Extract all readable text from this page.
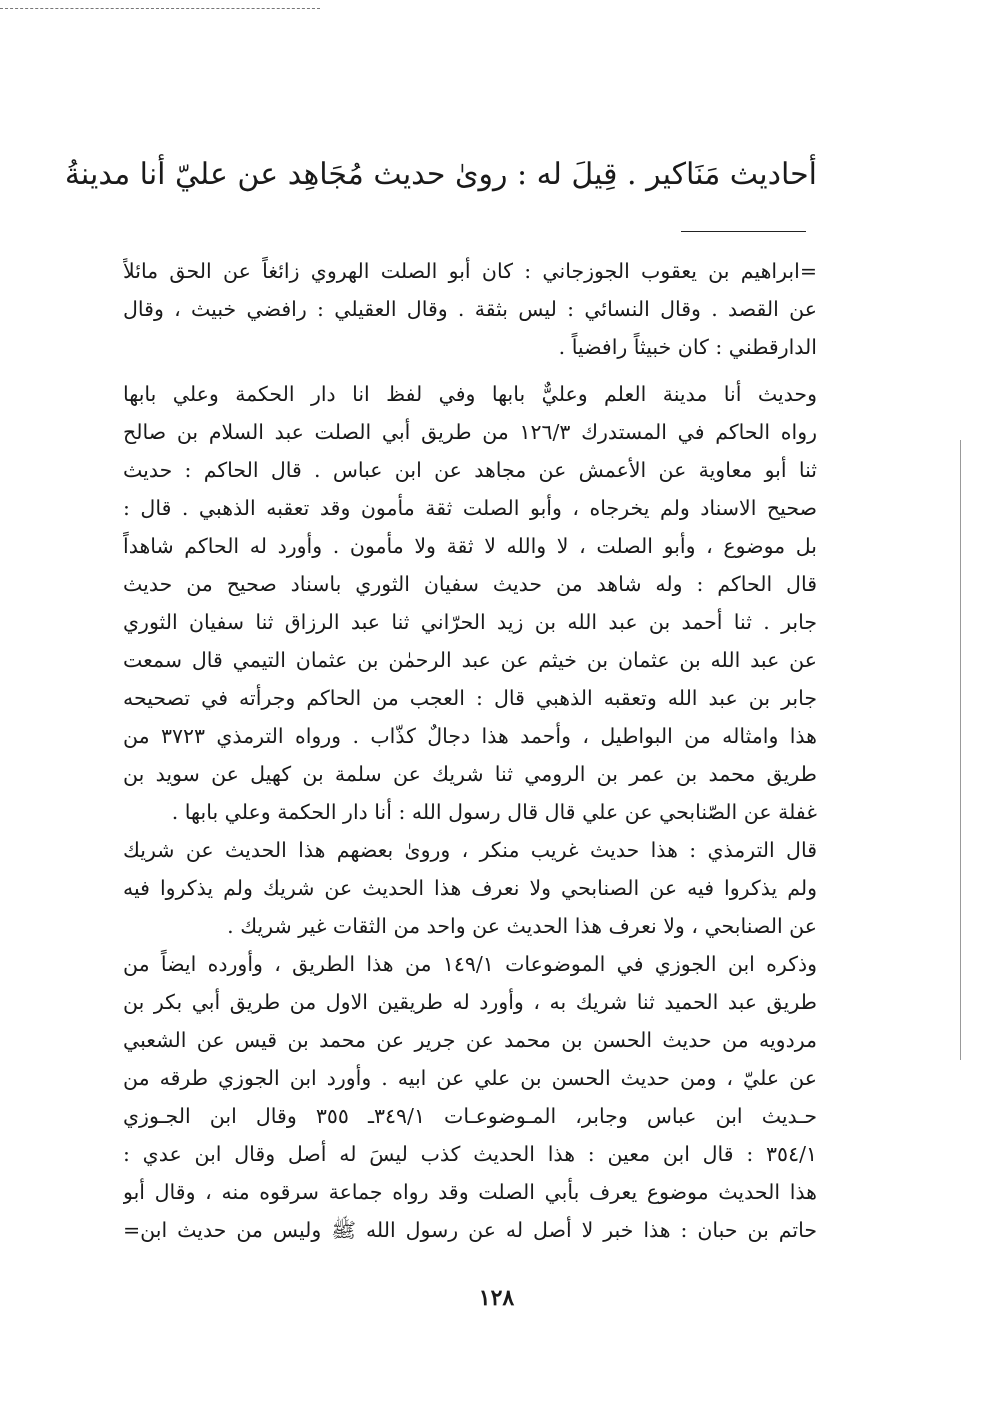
أحاديث مَنَاكير . قِيلَ له : روىٰ حديث مُجَاهِد عن عليّ أنا مدينةُ
=ابراهيم بن يعقوب الجوزجاني : كان أبو الصلت الهروي زائغاً عن الحق مائلاً
عن القصد . وقال النسائي : ليس بثقة . وقال العقيلي : رافضي خبيث ، وقال
الدارقطني : كان خبيثاً رافضياً .
وحديث أنا مدينة العلم وعليٌّ بابها وفي لفظ انا دار الحكمة وعلي بابها
رواه الحاكم في المستدرك ١٢٦/٣ من طريق أبي الصلت عبد السلام بن صالح
ثنا أبو معاوية عن الأعمش عن مجاهد عن ابن عباس . قال الحاكم : حديث
صحيح الاسناد ولم يخرجاه ، وأبو الصلت ثقة مأمون وقد تعقبه الذهبي . قال :
بل موضوع ، وأبو الصلت ، لا والله لا ثقة ولا مأمون . وأورد له الحاكم شاهداً
قال الحاكم : وله شاهد من حديث سفيان الثوري باسناد صحيح من حديث
جابر . ثنا أحمد بن عبد الله بن زيد الحرّاني ثنا عبد الرزاق ثنا سفيان الثوري
عن عبد الله بن عثمان بن خيثم عن عبد الرحمٰن بن عثمان التيمي قال سمعت
جابر بن عبد الله وتعقبه الذهبي قال : العجب من الحاكم وجرأته في تصحيحه
هذا وامثاله من البواطيل ، وأحمد هذا دجالٌ كذّاب . ورواه الترمذي ٣٧٢٣ من
طريق محمد بن عمر بن الرومي ثنا شريك عن سلمة بن كهيل عن سويد بن
غفلة عن الصّنابحي عن علي قال قال رسول الله : أنا دار الحكمة وعلي بابها .
قال الترمذي : هذا حديث غريب منكر ، وروىٰ بعضهم هذا الحديث عن شريك
ولم يذكروا فيه عن الصنابحي ولا نعرف هذا الحديث عن شريك ولم يذكروا فيه
عن الصنابحي ، ولا نعرف هذا الحديث عن واحد من الثقات غير شريك .
وذكره ابن الجوزي في الموضوعات ١٤٩/١ من هذا الطريق ، وأورده ايضاً من
طريق عبد الحميد ثنا شريك به ، وأورد له طريقين الاول من طريق أبي بكر بن
مردويه من حديث الحسن بن محمد عن جرير عن محمد بن قيس عن الشعبي
عن عليّ ، ومن حديث الحسن بن علي عن ابيه . وأورد ابن الجوزي طرقه من
حـديث ابن عباس وجابر، المـوضوعـات ٣٤٩/١ـ ٣٥٥ وقال ابن الجـوزي
٣٥٤/١ : قال ابن معين : هذا الحديث كذب ليسَ له أصل وقال ابن عدي :
هذا الحديث موضوع يعرف بأبي الصلت وقد رواه جماعة سرقوه منه ، وقال أبو
حاتم بن حبان : هذا خبر لا أصل له عن رسول الله ﷺ وليس من حديث ابن=
١٢٨
